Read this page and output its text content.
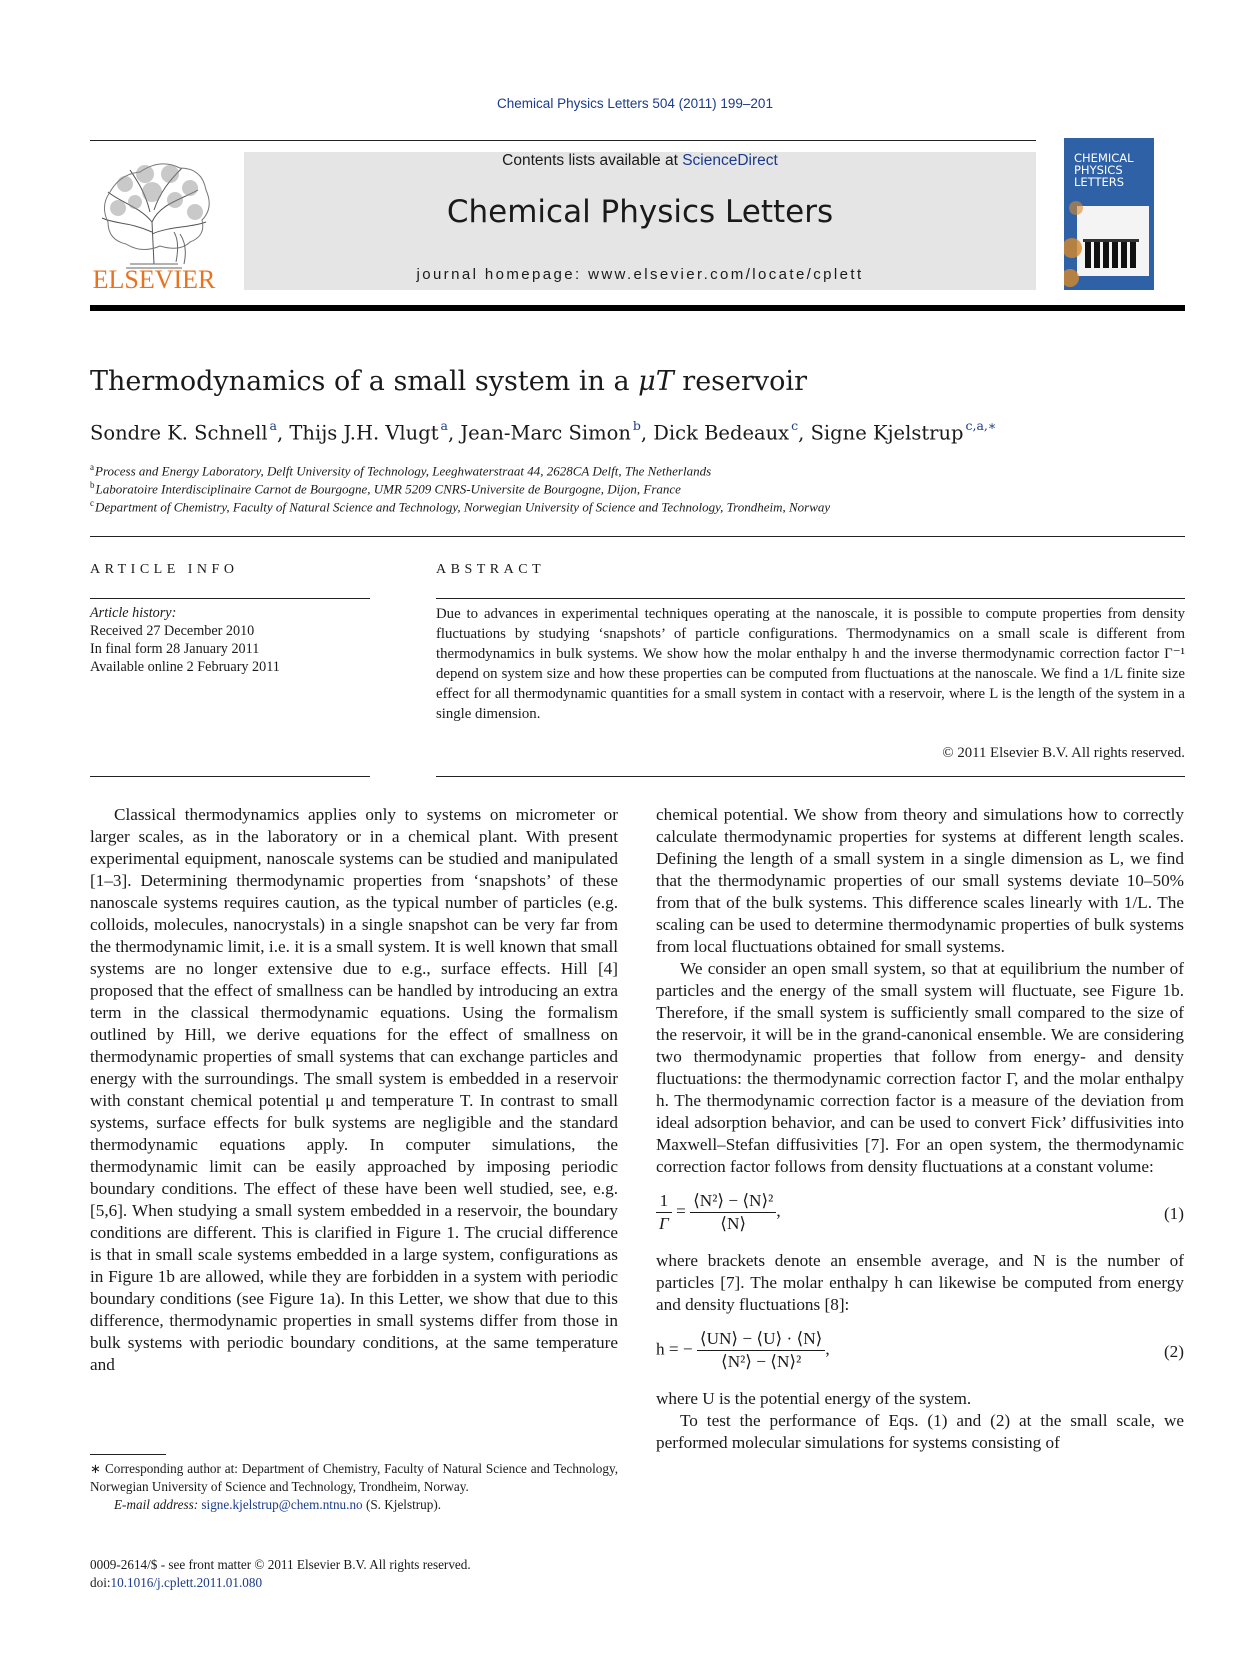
Chemical Physics Letters 504 (2011) 199–201
ELSEVIER
Contents lists available at ScienceDirect
Chemical Physics Letters
journal homepage: www.elsevier.com/locate/cplett
CHEMICAL
PHYSICS
LETTERS
Thermodynamics of a small system in a μT reservoir
Sondre K. Schnell  $^a$, Thijs J.H. Vlugt  $^a$, Jean-Marc Simon  $^b$, Dick Bedeaux  $^c$, Signe Kjelstrup  $^{c,a,∗}$
$^a$Process and Energy Laboratory, Delft University of Technology, Leeghwaterstraat 44, 2628CA Delft, The Netherlands
$^b$Laboratoire Interdisciplinaire Carnot de Bourgogne, UMR 5209 CNRS-Universite de Bourgogne, Dijon, France
$^c$Department of Chemistry, Faculty of Natural Science and Technology, Norwegian University of Science and Technology, Trondheim, Norway
ARTICLE INFO	ABSTRACT
Article history:
Received 27 December 2010
In final form 28 January 2011
Available online 2 February 2011
Due to advances in experimental techniques operating at the nanoscale, it is possible to compute properties from density fluctuations by studying ‘snapshots’ of particle configurations. Thermodynamics on a small scale is different from thermodynamics in bulk systems. We show how the molar enthalpy h and the inverse thermodynamic correction factor Γ⁻¹ depend on system size and how these properties can be computed from fluctuations at the nanoscale. We find a 1/L finite size effect for all thermodynamic quantities for a small system in contact with a reservoir, where L is the length of the system in a single dimension.
© 2011 Elsevier B.V. All rights reserved.

Classical thermodynamics applies only to systems on micrometer or larger scales, as in the laboratory or in a chemical plant. With present experimental equipment, nanoscale systems can be studied and manipulated [1–3]. Determining thermodynamic properties from ‘snapshots’ of these nanoscale systems requires caution, as the typical number of particles (e.g. colloids, molecules, nanocrystals) in a single snapshot can be very far from the thermodynamic limit, i.e. it is a small system. It is well known that small systems are no longer extensive due to e.g., surface effects. Hill [4] proposed that the effect of smallness can be handled by introducing an extra term in the classical thermodynamic equations. Using the formalism outlined by Hill, we derive equations for the effect of smallness on thermodynamic properties of small systems that can exchange particles and energy with the surroundings. The small system is embedded in a reservoir with constant chemical potential μ and temperature T. In contrast to small systems, surface effects for bulk systems are negligible and the standard thermodynamic equations apply. In computer simulations, the thermodynamic limit can be easily approached by imposing periodic boundary conditions. The effect of these have been well studied, see, e.g. [5,6]. When studying a small system embedded in a reservoir, the boundary conditions are different. This is clarified in Figure 1. The crucial difference is that in small scale systems embedded in a large system, configurations as in Figure 1b are allowed, while they are forbidden in a system with periodic boundary conditions (see Figure 1a). In this Letter, we show that due to this difference, thermodynamic properties in small systems differ from those in bulk systems with periodic boundary conditions, at the same temperature and

chemical potential. We show from theory and simulations how to correctly calculate thermodynamic properties for systems at different length scales. Defining the length of a small system in a single dimension as L, we find that the thermodynamic properties of our small systems deviate 10–50% from that of the bulk systems. This difference scales linearly with 1/L. The scaling can be used to determine thermodynamic properties of bulk systems from local fluctuations obtained for small systems.

We consider an open small system, so that at equilibrium the number of particles and the energy of the small system will fluctuate, see Figure 1b. Therefore, if the small system is sufficiently small compared to the size of the reservoir, it will be in the grand-canonical ensemble. We are considering two thermodynamic properties that follow from energy- and density fluctuations: the thermodynamic correction factor Γ, and the molar enthalpy h. The thermodynamic correction factor is a measure of the deviation from ideal adsorption behavior, and can be used to convert Fick’ diffusivities into Maxwell–Stefan diffusivities [7]. For an open system, the thermodynamic correction factor follows from density fluctuations at a constant volume:

$\frac{1}{\Gamma} = \frac{\text{⟨N²⟩ − ⟨N⟩²}}{⟨N⟩}$ ,	(1)

where brackets denote an ensemble average, and N is the number of particles [7]. The molar enthalpy h can likewise be computed from energy and density fluctuations [8]:

h = − $\frac{⟨UN⟩ - ⟨U⟩ \cdot ⟨N⟩}{\text{⟨N²⟩ − ⟨N⟩²}}$ ,	(2)

where U is the potential energy of the system.

To test the performance of Eqs. (1) and (2) at the small scale, we performed molecular simulations for systems consisting of

∗ Corresponding author at: Department of Chemistry, Faculty of Natural Science and Technology, Norwegian University of Science and Technology, Trondheim, Norway.

E-mail address: signe.kjelstrup@chem.ntnu.no (S. Kjelstrup).

0009-2614/$ - see front matter © 2011 Elsevier B.V. All rights reserved.
doi:10.1016/j.cplett.2011.01.080
